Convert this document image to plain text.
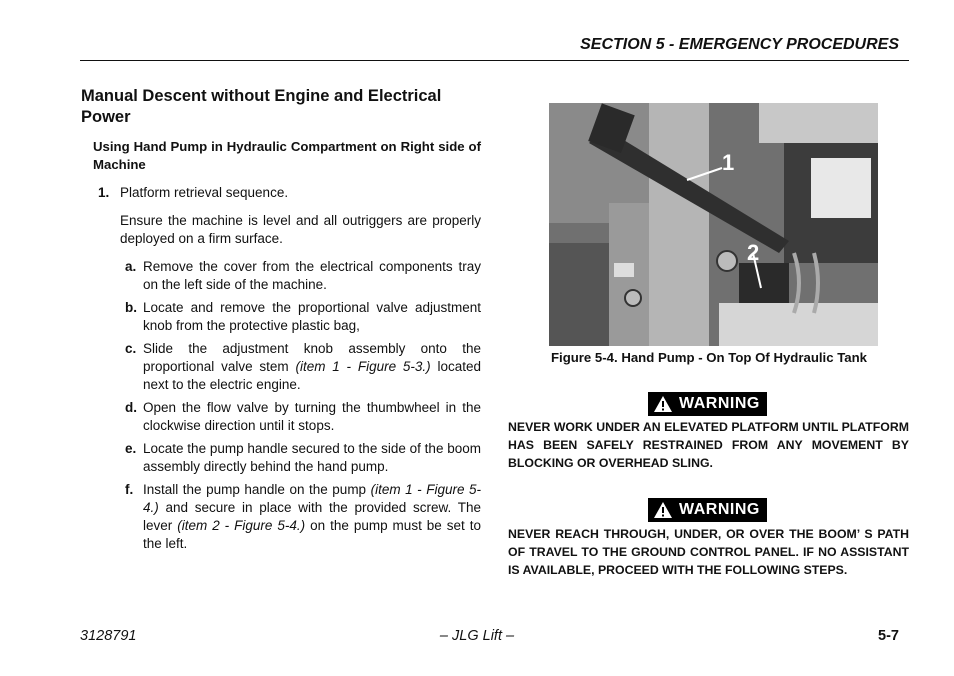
SECTION 5 - EMERGENCY PROCEDURES
Manual Descent without Engine and Electrical Power
Using Hand Pump in Hydraulic Compartment on Right side of Machine
1. Platform retrieval sequence.
Ensure the machine is level and all outriggers are properly deployed on a firm surface.
a. Remove the cover from the electrical components tray on the left side of the machine.
b. Locate and remove the proportional valve adjustment knob from the protective plastic bag,
c. Slide the adjustment knob assembly onto the proportional valve stem (item 1 - Figure 5-3.) located next to the electric engine.
d. Open the flow valve by turning the thumbwheel in the clockwise direction until it stops.
e. Locate the pump handle secured to the side of the boom assembly directly behind the hand pump.
f. Install the pump handle on the pump (item 1 - Figure 5-4.) and secure in place with the provided screw. The lever (item 2 - Figure 5-4.) on the pump must be set to the left.
1
2
Figure 5-4. Hand Pump - On Top Of Hydraulic Tank
WARNING
NEVER WORK UNDER AN ELEVATED PLATFORM UNTIL PLATFORM HAS BEEN SAFELY RESTRAINED FROM ANY MOVEMENT BY BLOCKING OR OVERHEAD SLING.
WARNING
NEVER REACH THROUGH, UNDER, OR OVER THE BOOM’ S PATH OF TRAVEL TO THE GROUND CONTROL PANEL. IF NO ASSISTANT IS AVAILABLE, PROCEED WITH THE FOLLOWING STEPS.
– JLG Lift –
3128791	5-7
